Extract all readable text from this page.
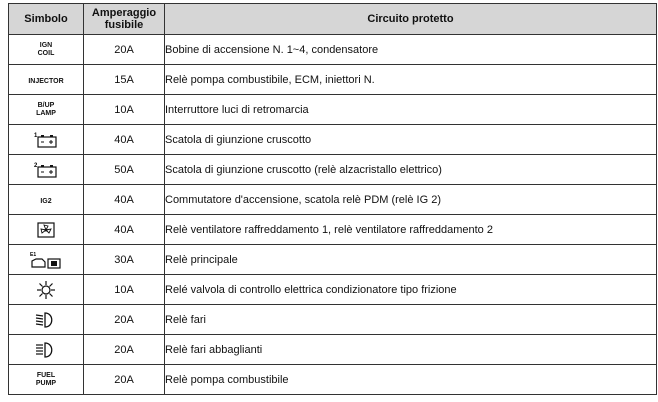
Simbolo	Amperaggio
fusibile	Circuito protetto
IGN
COIL	20A	Bobine di accensione N. 1~4, condensatore
INJECTOR	15A	Relè pompa combustibile, ECM, iniettori N.
B/UP
LAMP	10A	Interruttore luci di retromarcia

1	40A	Scatola di giunzione cruscotto

2	50A	Scatola di giunzione cruscotto (relè alzacristallo elettrico)
IG2	40A	Commutatore d'accensione, scatola relè PDM (relè IG 2)

	40A	Relè ventilatore raffreddamento 1, relè ventilatore raffreddamento 2

E1	30A	Relè principale

	10A	Relé valvola di controllo elettrica condizionatore tipo frizione

	20A	Relè fari

	20A	Relè fari abbaglianti
FUEL
PUMP	20A	Relè pompa combustibile
